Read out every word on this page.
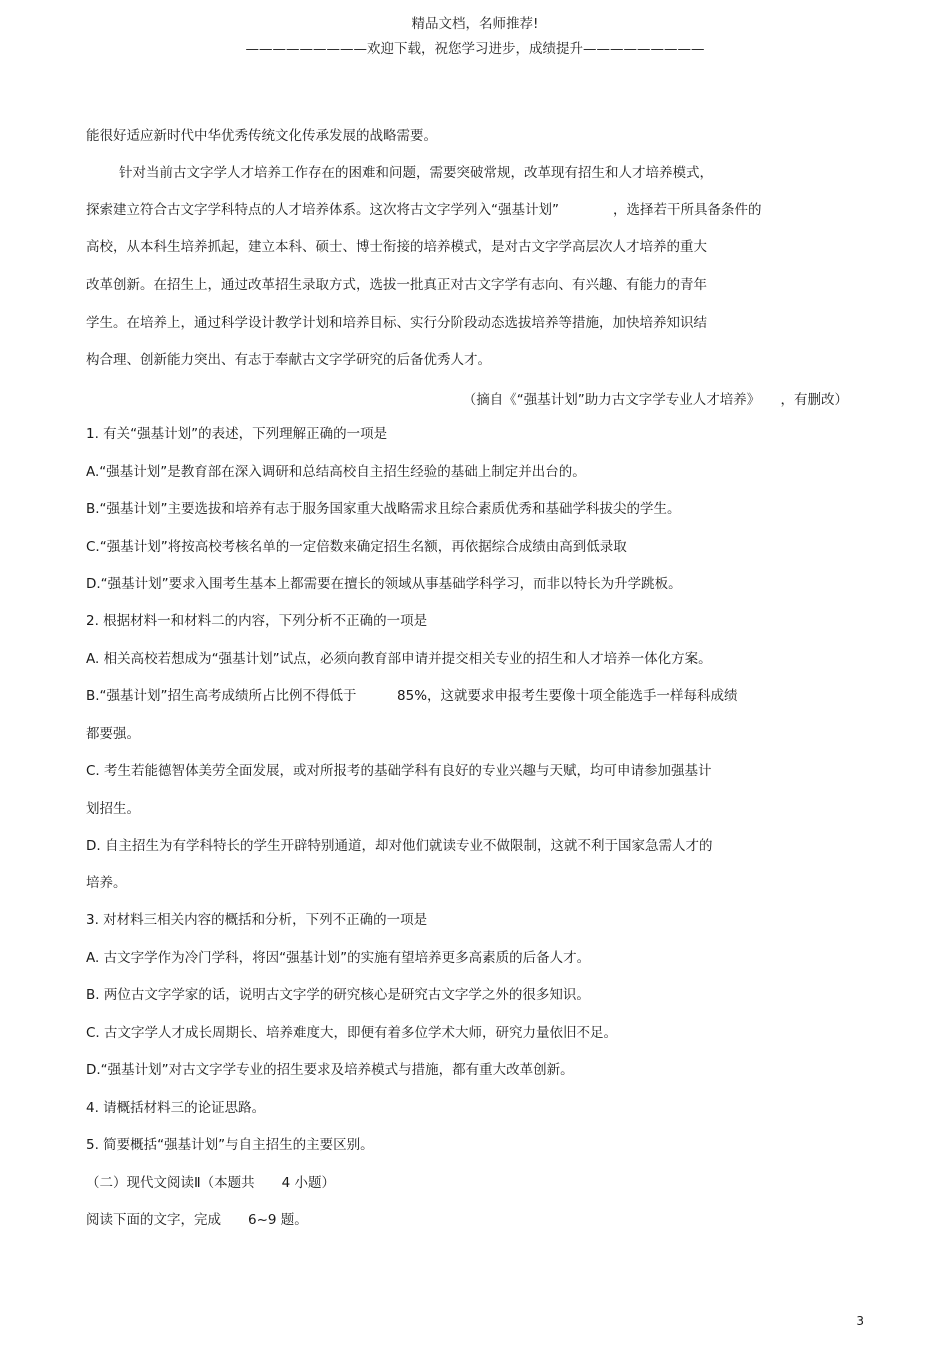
精品文档，名师推荐!
—————————欢迎下载，祝您学习进步，成绩提升—————————
能很好适应新时代中华优秀传统文化传承发展的战略需要。
针对当前古文字学人才培养工作存在的困难和问题，需要突破常规，改革现有招生和人才培养模式，
探索建立符合古文字学科特点的人才培养体系。这次将古文字学列入“强基计划”　　　　，选择若干所具备条件的
高校，从本科生培养抓起，建立本科、硕士、博士衔接的培养模式，是对古文字学高层次人才培养的重大
改革创新。在招生上，通过改革招生录取方式，选拔一批真正对古文字学有志向、有兴趣、有能力的青年
学生。在培养上，通过科学设计教学计划和培养目标、实行分阶段动态选拔培养等措施，加快培养知识结
构合理、创新能力突出、有志于奉献古文字学研究的后备优秀人才。
（摘自《“强基计划”助力古文字学专业人才培养》　　，有删改）
1. 有关“强基计划”的表述，下列理解正确的一项是
A.“强基计划”是教育部在深入调研和总结高校自主招生经验的基础上制定并出台的。
B.“强基计划”主要选拔和培养有志于服务国家重大战略需求且综合素质优秀和基础学科拔尖的学生。
C.“强基计划”将按高校考核名单的一定倍数来确定招生名额，再依据综合成绩由高到低录取
D.“强基计划”要求入围考生基本上都需要在擅长的领域从事基础学科学习，而非以特长为升学跳板。
2. 根据材料一和材料二的内容，下列分析不正确的一项是
A. 相关高校若想成为“强基计划”试点，必须向教育部申请并提交相关专业的招生和人才培养一体化方案。
B.“强基计划”招生高考成绩所占比例不得低于　　　85%，这就要求申报考生要像十项全能选手一样每科成绩
都要强。
C. 考生若能德智体美劳全面发展，或对所报考的基础学科有良好的专业兴趣与天赋，均可申请参加强基计
划招生。
D. 自主招生为有学科特长的学生开辟特别通道，却对他们就读专业不做限制，这就不利于国家急需人才的
培养。
3. 对材料三相关内容的概括和分析，下列不正确的一项是
A. 古文字学作为冷门学科，将因“强基计划”的实施有望培养更多高素质的后备人才。
B. 两位古文字学家的话，说明古文字学的研究核心是研究古文字学之外的很多知识。
C. 古文字学人才成长周期长、培养难度大，即便有着多位学术大师，研究力量依旧不足。
D.“强基计划”对古文字学专业的招生要求及培养模式与措施，都有重大改革创新。
4. 请概括材料三的论证思路。
5. 简要概括“强基计划”与自主招生的主要区别。
（二）现代文阅读Ⅱ（本题共　　4 小题）
阅读下面的文字，完成　　6~9 题。
3
